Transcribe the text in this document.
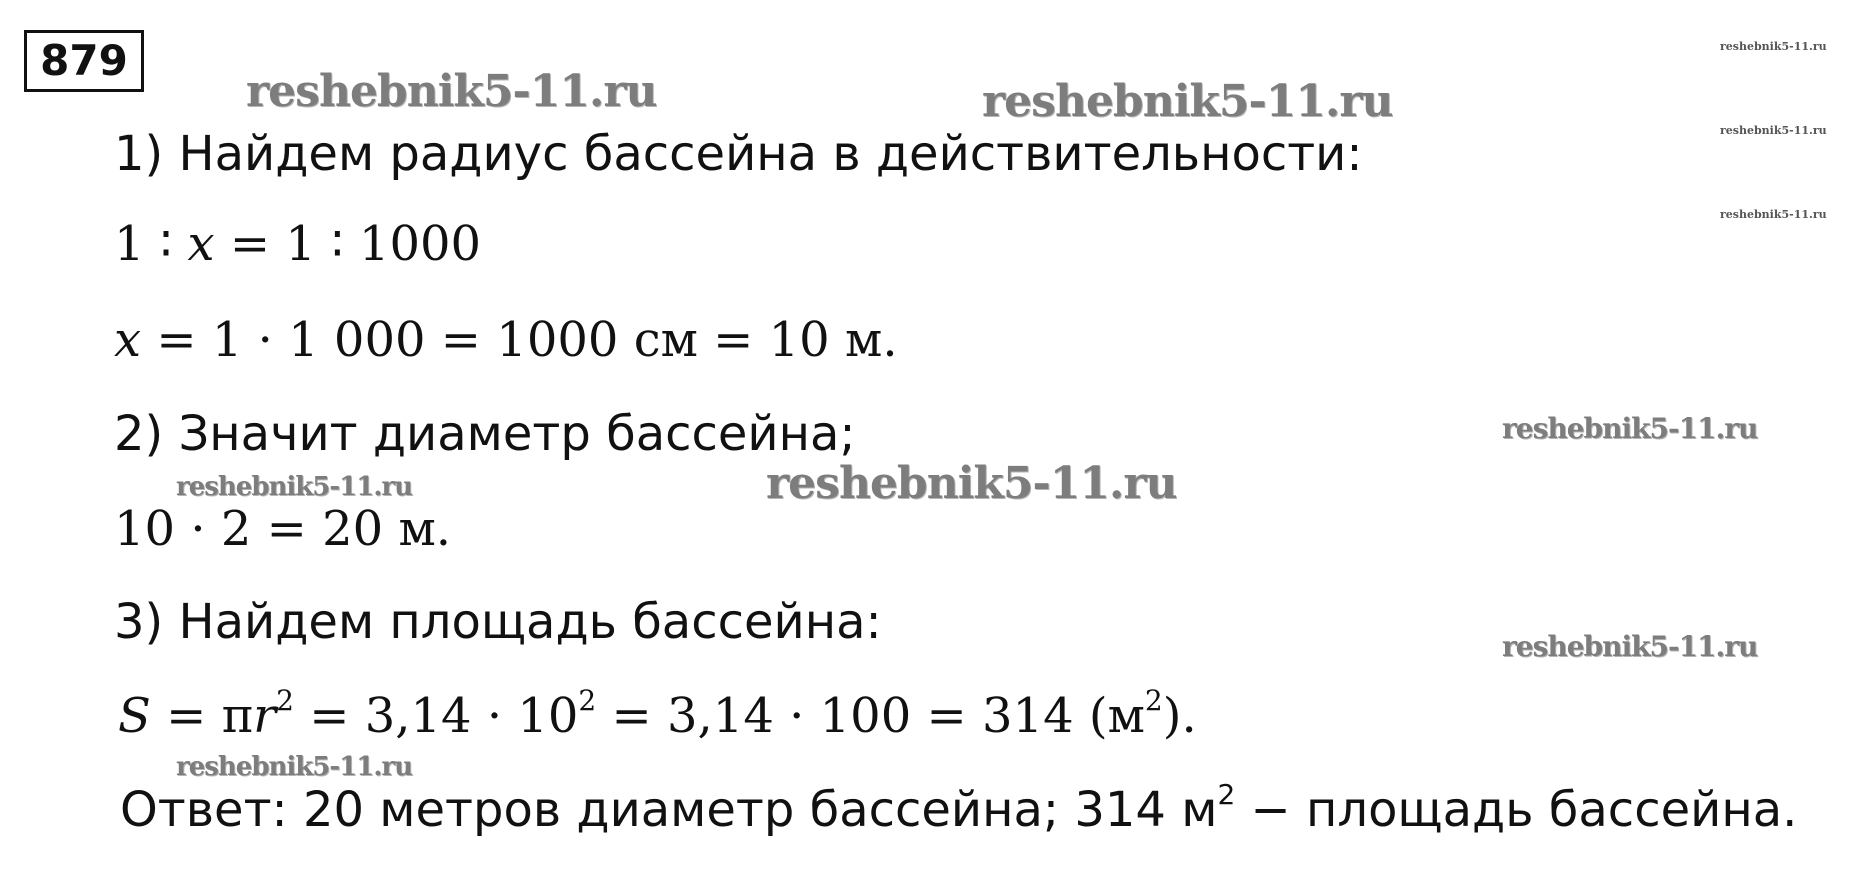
879
reshebnik5-11.ru	reshebnik5-11.ru
reshebnik5-11.ru
reshebnik5-11.ru
reshebnik5-11.ru
reshebnik5-11.ru
reshebnik5-11.ru
reshebnik5-11.ru
reshebnik5-11.ru
reshebnik5-11.ru
1) Найдем радиус бассейна в действительности:
1 ∶ x = 1 ∶ 1000
x = 1 · 1 000 = 1000 см = 10 м.
2) Значит диаметр бассейна;
10 · 2 = 20 м.
3) Найдем площадь бассейна:
$S = \pi r^2 = 3,14 \cdot 10^2 = 3,14 \cdot 100 = 314$ $(м^2)$.
Ответ: 20 метров диаметр бассейна; 314 $м^2$ − площадь бассейна.
